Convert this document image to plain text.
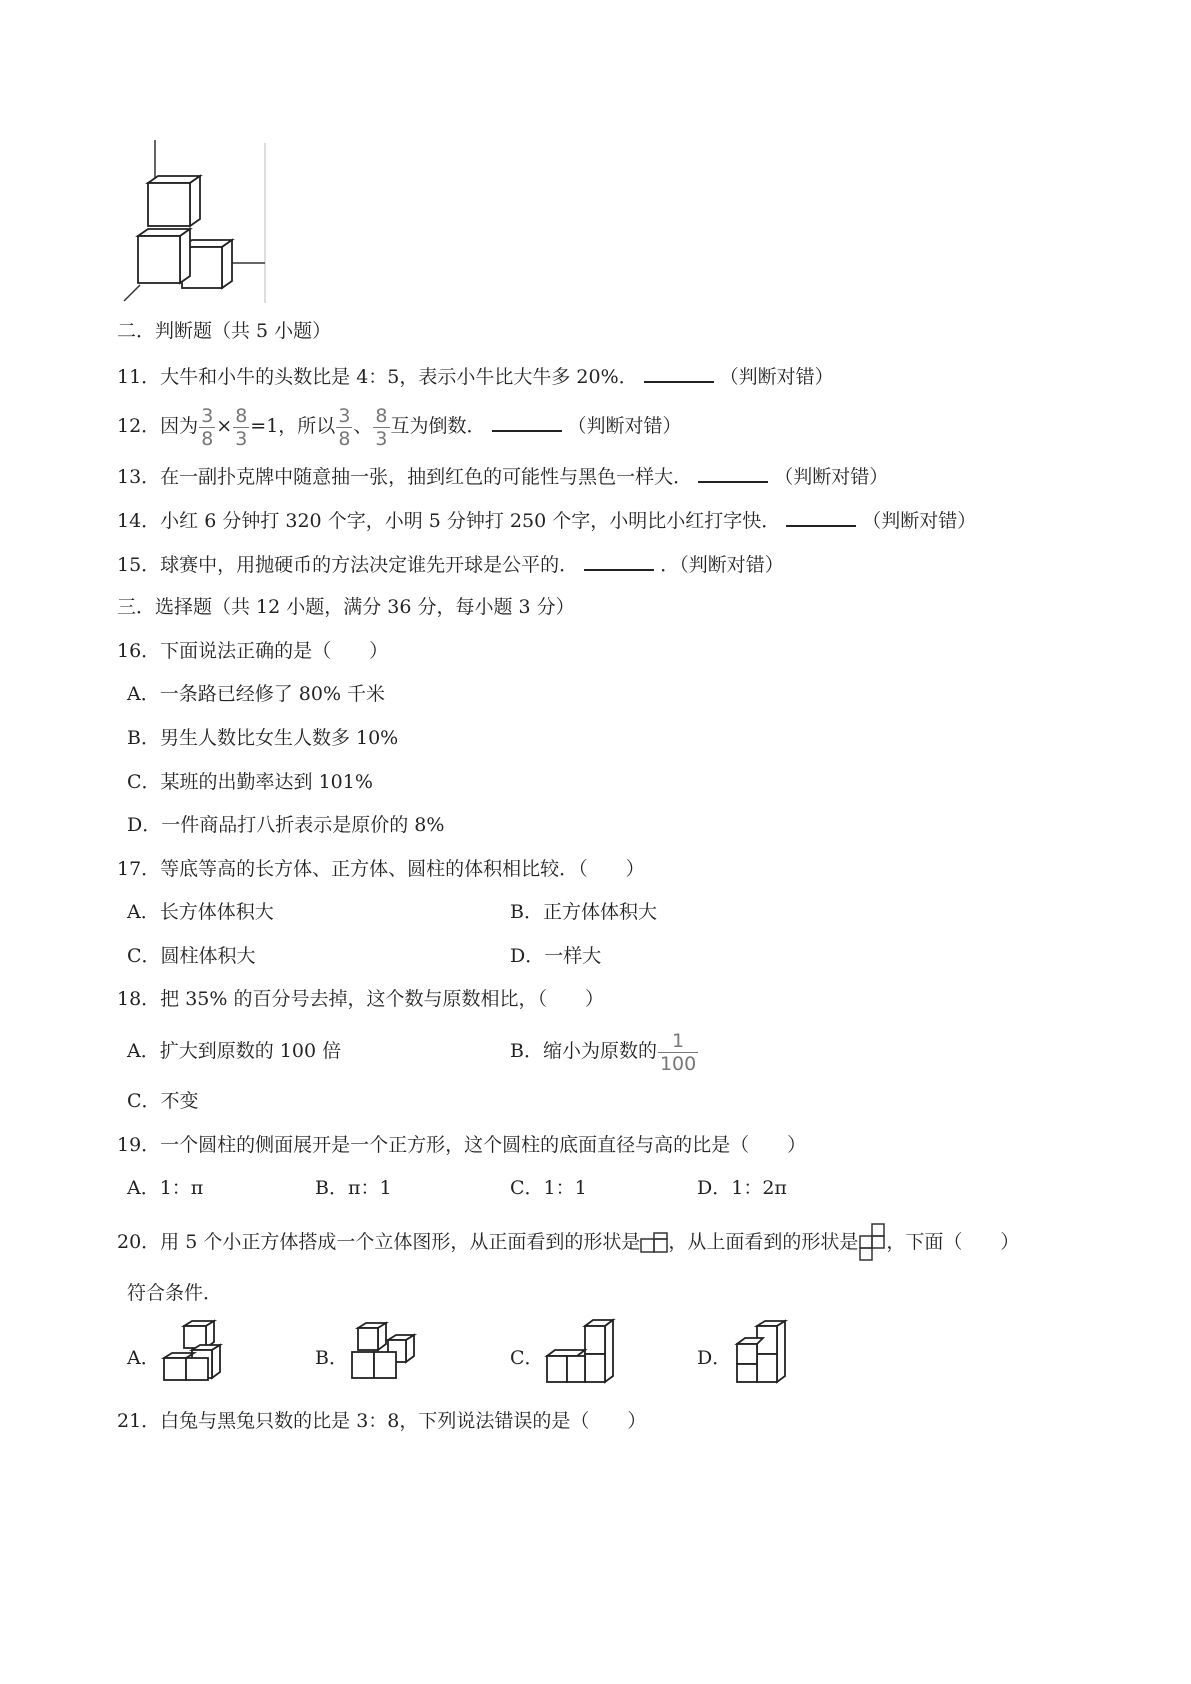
二．判断题（共 5 小题）
11．大牛和小牛的头数比是 4：5，表示小牛比大牛多 20%．	（判断对错）
12．因为 $\frac{3}{8} \times \frac{8}{3} =1$，所以 $\frac{3}{8}$ 、 $\frac{8}{3}$ 互为倒数．	（判断对错）
13．在一副扑克牌中随意抽一张，抽到红色的可能性与黑色一样大．	（判断对错）
14．小红 6 分钟打 320 个字，小明 5 分钟打 250 个字，小明比小红打字快．	（判断对错）
15．球赛中，用抛硬币的方法决定谁先开球是公平的．	．（判断对错）
三．选择题（共 12 小题，满分 36 分，每小题 3 分）
16．下面说法正确的是（　　）
A．一条路已经修了 80% 千米
B．男生人数比女生人数多 10%
C．某班的出勤率达到 101%
D．一件商品打八折表示是原价的 8%
17．等底等高的长方体、正方体、圆柱的体积相比较．（　　）
A．长方体体积大	B．正方体体积大
C．圆柱体积大	D．一样大
18．把 35% 的百分号去掉，这个数与原数相比，（　　）
A．扩大到原数的 100 倍	B．缩小为原数的 $\frac{1}{100}$
C．不变
19．一个圆柱的侧面展开是一个正方形，这个圆柱的底面直径与高的比是（　　）
A．1：π	B．π：1	C．1：1	D．1：2π
20．用 5 个小正方体搭成一个立体图形，从正面看到的形状是 ，从上面看到的形状是 ，下面（　　）
符合条件．
A．	B．	C．	D．
21．白兔与黑兔只数的比是 3：8，下列说法错误的是（　　）
